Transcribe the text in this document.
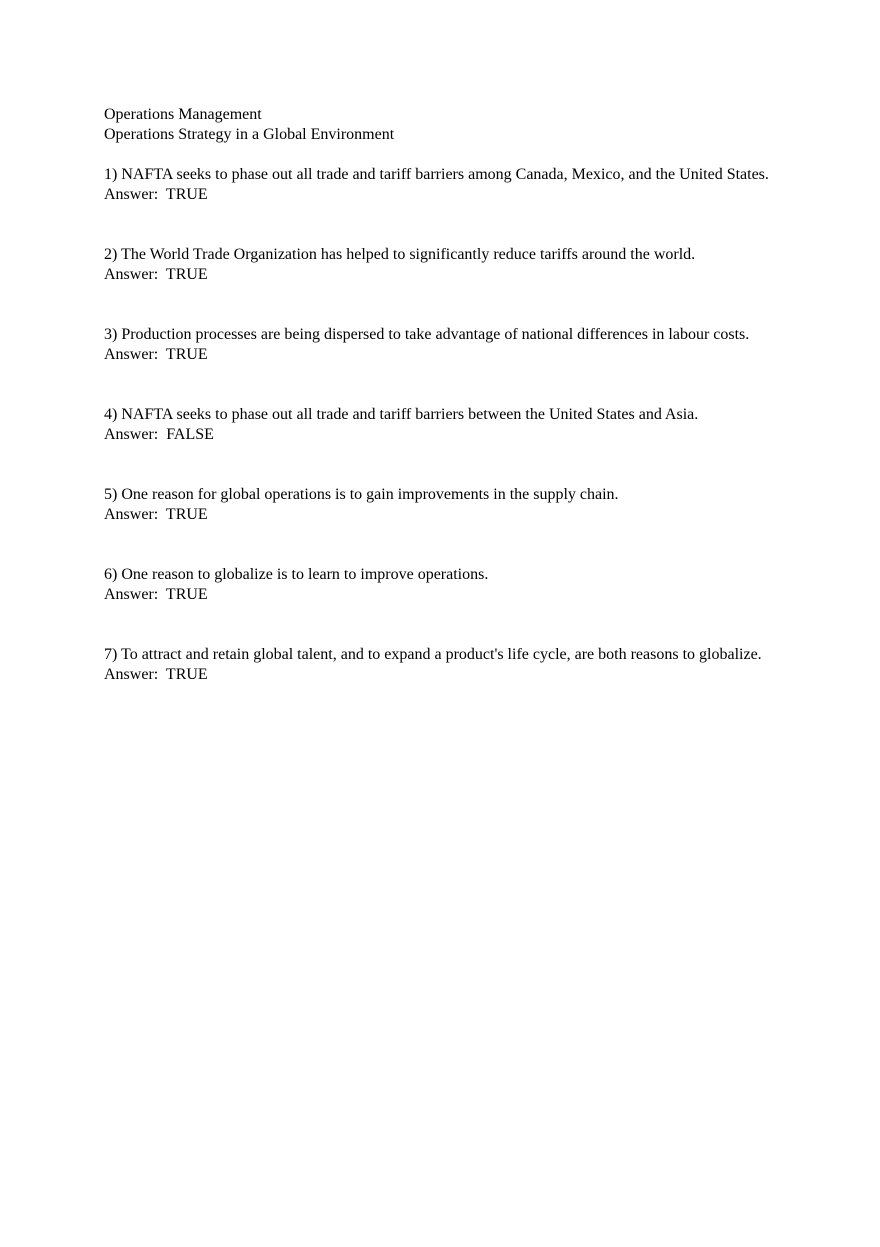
Operations Management
Operations Strategy in a Global Environment
1) NAFTA seeks to phase out all trade and tariff barriers among Canada, Mexico, and the United States.
Answer:  TRUE
2) The World Trade Organization has helped to significantly reduce tariffs around the world.
Answer:  TRUE
3) Production processes are being dispersed to take advantage of national differences in labour costs.
Answer:  TRUE
4) NAFTA seeks to phase out all trade and tariff barriers between the United States and Asia.
Answer:  FALSE
5) One reason for global operations is to gain improvements in the supply chain.
Answer:  TRUE
6) One reason to globalize is to learn to improve operations.
Answer:  TRUE
7) To attract and retain global talent, and to expand a product's life cycle, are both reasons to globalize.
Answer:  TRUE
